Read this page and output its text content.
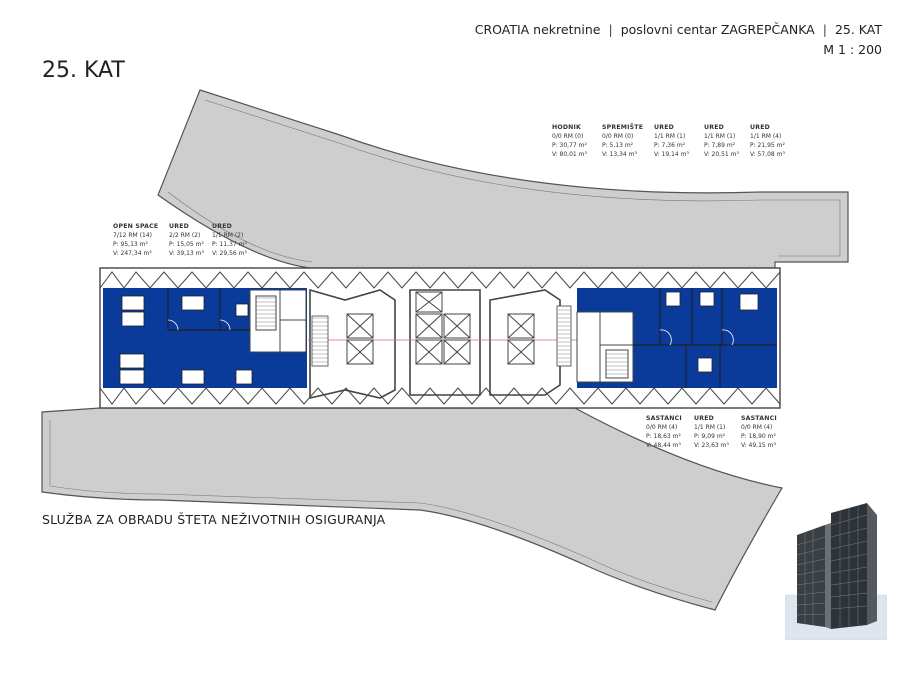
CROATIA nekretnine | poslovni centar ZAGREPČANKA | 25. KAT
M 1 : 200
25. KAT
HODNIK
0/0 RM (0)
P: 30,77 m²
V: 80,01 m³
SPREMIŠTE
0/0 RM (0)
P: 5,13 m²
V: 13,34 m³
URED
1/1 RM (1)
P: 7,36 m²
V: 19,14 m³
URED
1/1 RM (1)
P: 7,89 m²
V: 20,51 m³
URED
1/1 RM (4)
P: 21,95 m²
V: 57,08 m³
OPEN SPACE
7/12 RM (14)
P: 95,13 m²
V: 247,34 m³
URED
2/2 RM (2)
P: 15,05 m²
V: 39,13 m³
URED
1/1 RM (2)
P: 11,37 m²
V: 29,56 m³
SASTANCI
0/0 RM (4)
P: 18,63 m²
V: 48,44 m³
URED
1/1 RM (1)
P: 9,09 m²
V: 23,63 m³
SASTANCI
0/0 RM (4)
P: 18,90 m²
V: 49,15 m³
SLUŽBA ZA OBRADU ŠTETA NEŽIVOTNIH OSIGURANJA
